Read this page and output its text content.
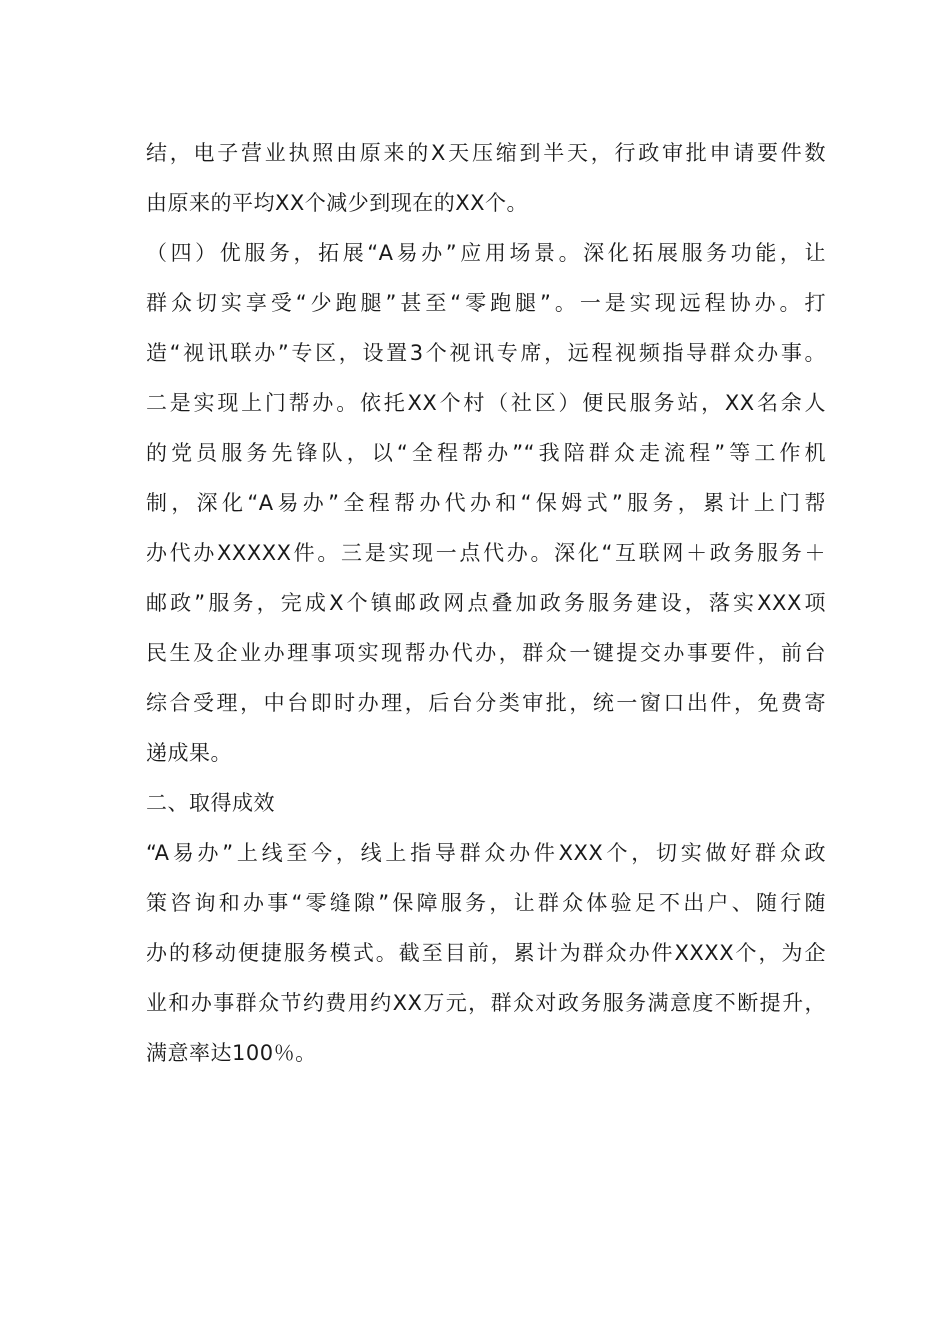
结，电子营业执照由原来的X天压缩到半天，行政审批申请要件数
由原来的平均XX个减少到现在的XX个。
（四）优服务，拓展“A易办”应用场景。深化拓展服务功能，让
群众切实享受“少跑腿”甚至“零跑腿”。一是实现远程协办。打
造“视讯联办”专区，设置3个视讯专席，远程视频指导群众办事。
二是实现上门帮办。依托XX个村（社区）便民服务站，XX名余人
的党员服务先锋队，以“全程帮办”“我陪群众走流程”等工作机
制，深化“A易办”全程帮办代办和“保姆式”服务，累计上门帮
办代办XXXXX件。三是实现一点代办。深化“互联网＋政务服务＋
邮政”服务，完成X个镇邮政网点叠加政务服务建设，落实XXX项
民生及企业办理事项实现帮办代办，群众一键提交办事要件，前台
综合受理，中台即时办理，后台分类审批，统一窗口出件，免费寄
递成果。
二、取得成效
“A易办”上线至今，线上指导群众办件XXX个，切实做好群众政
策咨询和办事“零缝隙”保障服务，让群众体验足不出户、随行随
办的移动便捷服务模式。截至目前，累计为群众办件XXXX个，为企
业和办事群众节约费用约XX万元，群众对政务服务满意度不断提升，
满意率达100％。
